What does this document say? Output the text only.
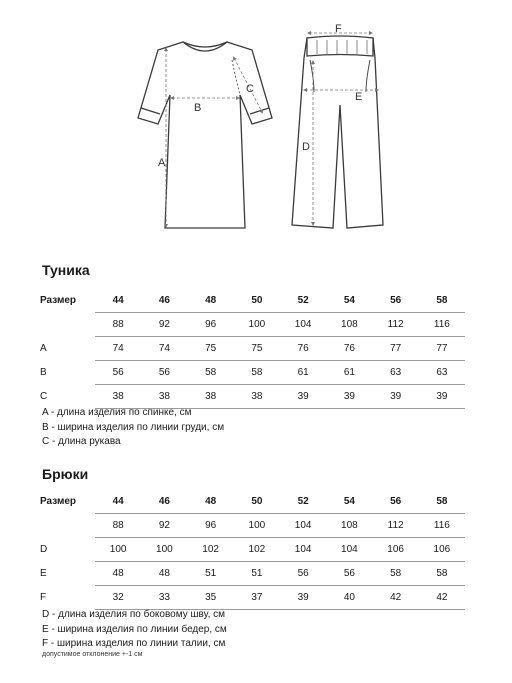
A
B
C
F
E
D
Туника
Размер	44	46	48	50	52	54	56	58
	88	92	96	100	104	108	112	116
A	74	74	75	75	76	76	77	77
B	56	56	58	58	61	61	63	63
C	38	38	38	38	39	39	39	39
A - длина изделия по спинке, см
B - ширина изделия по линии груди, см
C - длина рукава
Брюки
Размер	44	46	48	50	52	54	56	58
	88	92	96	100	104	108	112	116
D	100	100	102	102	104	104	106	106
E	48	48	51	51	56	56	58	58
F	32	33	35	37	39	40	42	42
D - длина изделия по боковому шву, см
E - ширина изделия по линии бедер, см
F - ширина изделия по линии талии, см
допустимое отклонение +-1 см
